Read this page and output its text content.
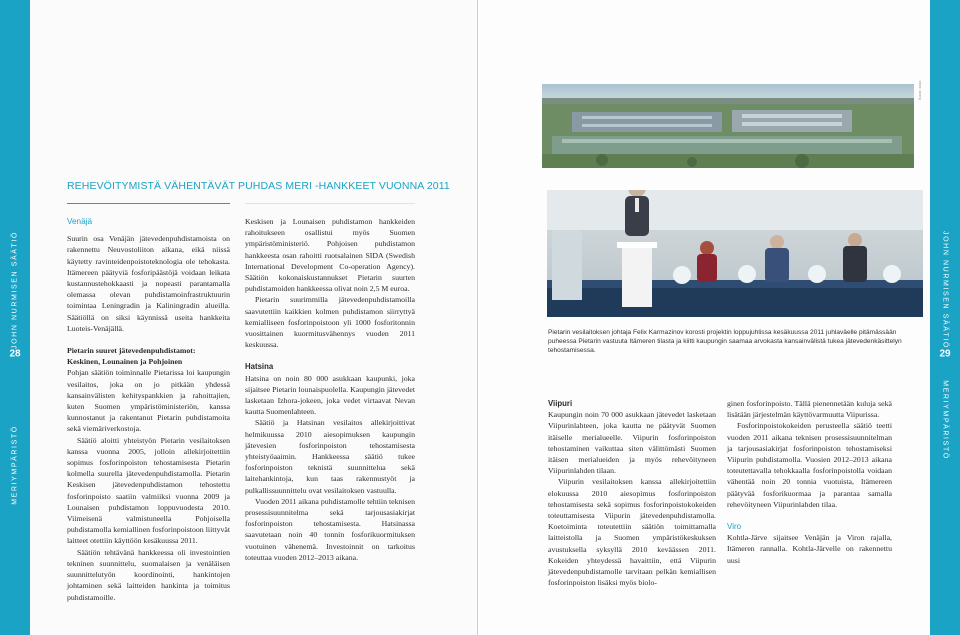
MERIYMPÄRISTÖ
JOHN NURMISEN SÄÄTIÖ
28
JOHN NURMISEN SÄÄTIÖ
29
MERIYMPÄRISTÖ
REHEVÖITYMISTÄ VÄHENTÄVÄT PUHDAS MERI -HANKKEET VUONNA 2011
Venäjä

Suurin osa Venäjän jätevedenpuhdistamoista on rakennettu Neuvostoliiton aikana, eikä niissä käytetty ravinteidenpoistoteknologia ole tehokasta. Itämereen päätyviä fosforipäästöjä voidaan leikata kustannustehokkaasti ja nopeasti parantamalla olemassa olevan puhdistamoinfrastruktuurin toimintaa Leningradin ja Kaliningradin alueilla. Säätiöllä on siksi käynnissä useita hankkeita Luoteis-Venäjällä.

Pietarin suuret jätevedenpuhdistamot:

Keskinen, Lounainen ja Pohjoinen

Pohjan säätiön toiminnalle Pietarissa loi kaupungin vesilaitos, joka on jo pitkään yhdessä kansainvälisten kehityspankkien ja rahoittajien, kuten Suomen ympäristöministeriön, kanssa kunnostanut ja rakentanut Pietarin puhdistamoita sekä viemäriverkostoja.

Säätiö aloitti yhteistyön Pietarin vesilaitoksen kanssa vuonna 2005, jolloin allekirjoitettiin sopimus fosforinpoiston tehostamisesta Pietarin kolmella suurella jätevedenpuhdistamolla. Pietarin Keskisen jätevedenpuhdistamon tehostettu fosforinpoisto saatiin valmiiksi vuonna 2009 ja Lounaisen puhdistamon loppuvuodesta 2010. Viimeisenä valmistuneella Pohjoisella puhdistamolla kemiallinen fosforinpoistoon liittyvät laitteet otettiin käyttöön kesäkuussa 2011.

Säätiön tehtävänä hankkeessa oli investointien tekninen suunnittelu, suomalaisen ja venäläisen suunnittelutyön koordinointi, hankintojen johtaminen sekä laitteiden hankinta ja toimitus puhdistamoille.

Keskisen ja Lounaisen puhdistamon hankkeiden rahoitukseen osallistui myös Suomen ympäristöministeriö. Pohjoisen puhdistamon hankkeesta osan rahoitti ruotsalainen SIDA (Swedish International Development Co-operation Agency). Säätiön kokonaiskustannukset Pietarin suurten puhdistamoiden hankkeessa olivat noin 2,5 M euroa.

Pietarin suurimmilla jätevedenpuhdistamoilla saavutettiin kaikkien kolmen puhdistamon siirryttyä kemialliseen fosforinpoistoon yli 1000 fosforitonnin vuosittainen kuormitusvähennys vuoden 2011 keskuussa.

Hatsina

Hatsina on noin 80 000 asukkaan kaupunki, joka sijaitsee Pietarin lounaispuolella. Kaupungin jätevedet lasketaan Izhora-jokeen, joka vedet virtaavat Nevan kautta Suomenlahteen.

Säätiö ja Hatsinan vesilaitos allekirjoittivat helmikuussa 2010 aiesopimuksen kaupungin jätevesien fosforinpoiston tehostamisesta yhteistyöaaimin. Hankkeessa säätiö tukee fosforinpoiston teknistä suunnittelua sekä laitehankintoja, kun taas rakennustyöt ja pulkallissuunnittelu ovat vesilaitoksen vastuulla.

Vuoden 2011 aikana puhdistamolle tehtiin teknisen prosessisuunnitelma sekä tarjousasiakirjat fosforinpoiston tehostamisesta. Hatsinassa saavutetaan noin 40 tonnin fosforikuormituksen vuotuinen vähenemä. Investoinnit on tarkoitus toteuttaa vuoden 2012–2013 aikana.

Kuva: xxxx
Pietarin vesilaitoksen johtaja Felix Karmazinov korosti projektin loppujuhlissa kesäkuussa 2011 juhlaväelle pitämässään puheessa Pietarin vastuuta Itämeren tilasta ja kiitti kaupungin saamaa arvokasta kansainvälistä tukea jätevedenkäsittelyn tehostamisessa.

Viipuri

Kaupungin noin 70 000 asukkaan jätevedet lasketaan Viipurinlahteen, joka kautta ne päätyvät Suomen itäiselle merialueelle. Viipurin fosforinpoiston tehostaminen vaikuttaa siten välittömästi Suomen itäisen merialueiden ja myös rehevöityneen Viipurinlahden tilaan.

Viipurin vesilaitoksen kanssa allekirjoitettiin elokuussa 2010 aiesopimus fosforinpoiston tehostamisesta sekä sopimus fosforinpoistokokeiden toteuttamisesta Viipurin jätevedenpuhdistamolla. Koetoiminta toteutettiin säätiön toimittamalla laitteistolla ja Suomen ympäristökeskuksen avustuksella syksyllä 2010 keväässen 2011. Kokeiden yhteydessä havaittiin, että Viipurin jätevedenpuhdistamolle tarvitaan pelkän kemiallisen fosforinpoiston lisäksi myös biolo-

ginen fosforinpoisto. Tällä pienennetään kuluja sekä lisätään järjestelmän käyttövarmuutta Viipurissa.

Fosforinpoistokokeiden perusteella säätiö teetti vuoden 2011 aikana teknisen prosessisuunnitelman ja tarjousasiakirjat fosforinpoiston tehostamiseksi Viipurin puhdistamolla. Vuosien 2012–2013 aikana toteutettavalla tehokkaalla fosforinpoistolla voidaan vähentää noin 20 tonnia vuotuista, Itämereen päätyvää fosforikuormaa ja parantaa samalla rehevöityneen Viipurinlahden tilaa.

Viro

Kohtla-Järve sijaitsee Venäjän ja Viron rajalla, Itämeren rannalla. Kohtla-Järvelle on rakennettu uusi
